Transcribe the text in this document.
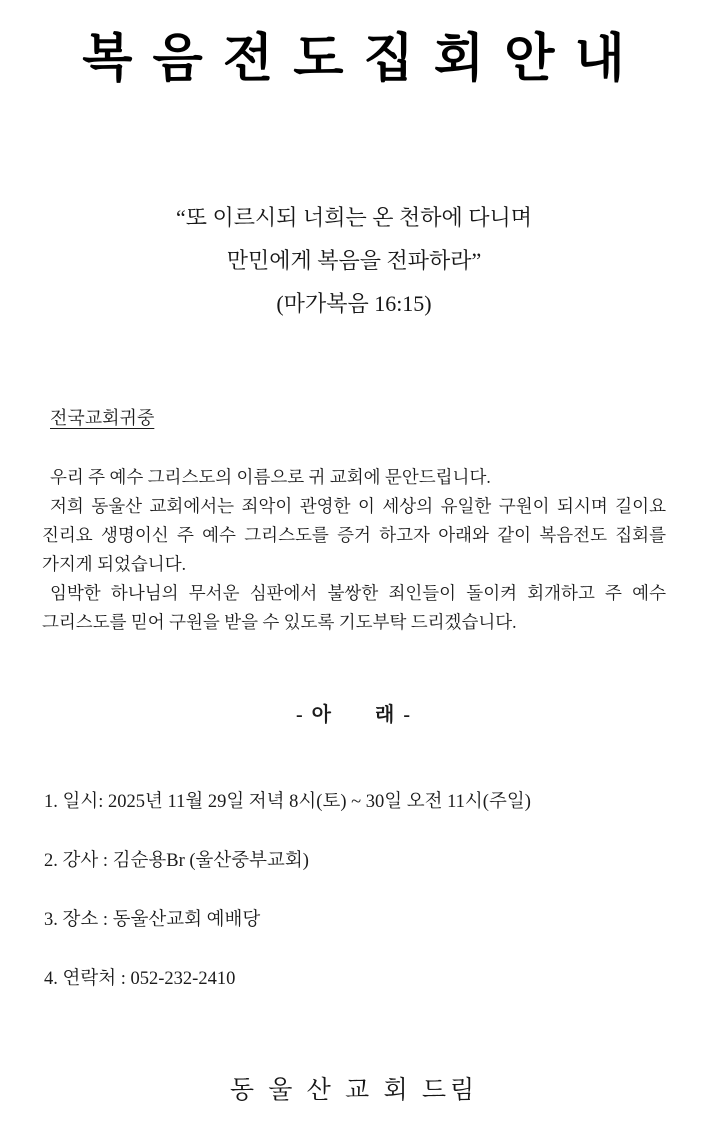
복 음 전 도 집 회 안 내
“또 이르시되 너희는 온 천하에 다니며
만민에게 복음을 전파하라”
(마가복음 16:15)
전국교회귀중

우리 주 예수 그리스도의 이름으로 귀 교회에 문안드립니다.

저희 동울산 교회에서는 죄악이 관영한 이 세상의 유일한 구원이 되시며 길이요 진리요 생명이신 주 예수 그리스도를 증거 하고자 아래와 같이 복음전도 집회를 가지게 되었습니다.

임박한 하나님의 무서운 심판에서 불쌍한 죄인들이 돌이켜 회개하고 주 예수 그리스도를 믿어 구원을 받을 수 있도록 기도부탁 드리겠습니다.

- 아      래 -
1. 일시: 2025년 11월 29일 저녁 8시(토) ~ 30일 오전 11시(주일)
2. 강사 : 김순용Br (울산중부교회)
3. 장소 : 동울산교회 예배당
4. 연락처 : 052-232-2410
동 울 산 교 회 드림
